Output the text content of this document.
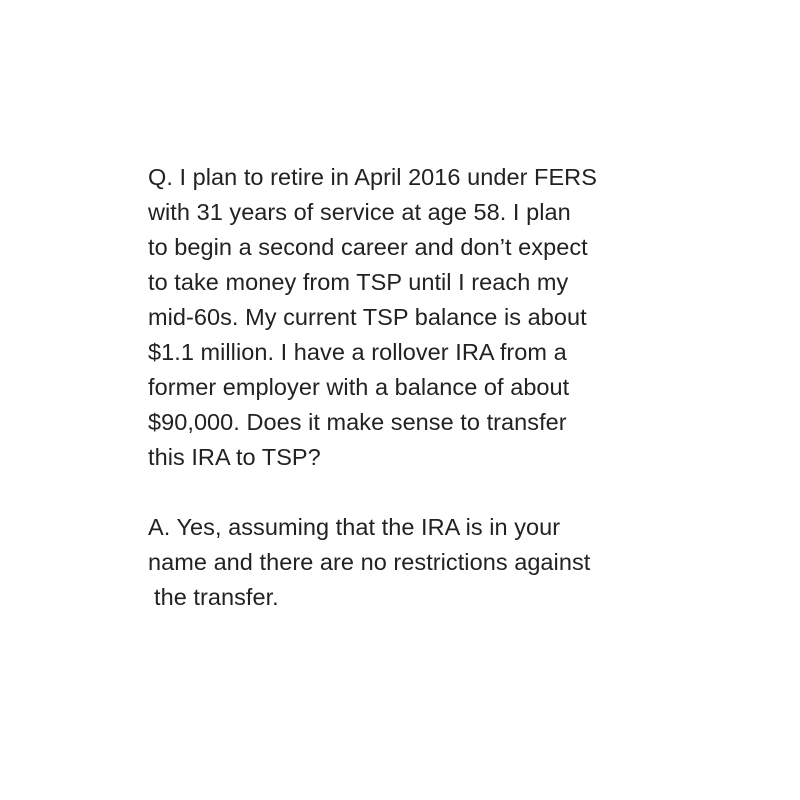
Q. I plan to retire in April 2016 under FERS
with 31 years of service at age 58. I plan
to begin a second career and don’t expect
to take money from TSP until I reach my
mid-60s. My current TSP balance is about
$1.1 million. I have a rollover IRA from a
former employer with a balance of about
$90,000. Does it make sense to transfer
this IRA to TSP?
A. Yes, assuming that the IRA is in your
name and there are no restrictions against
the transfer.
